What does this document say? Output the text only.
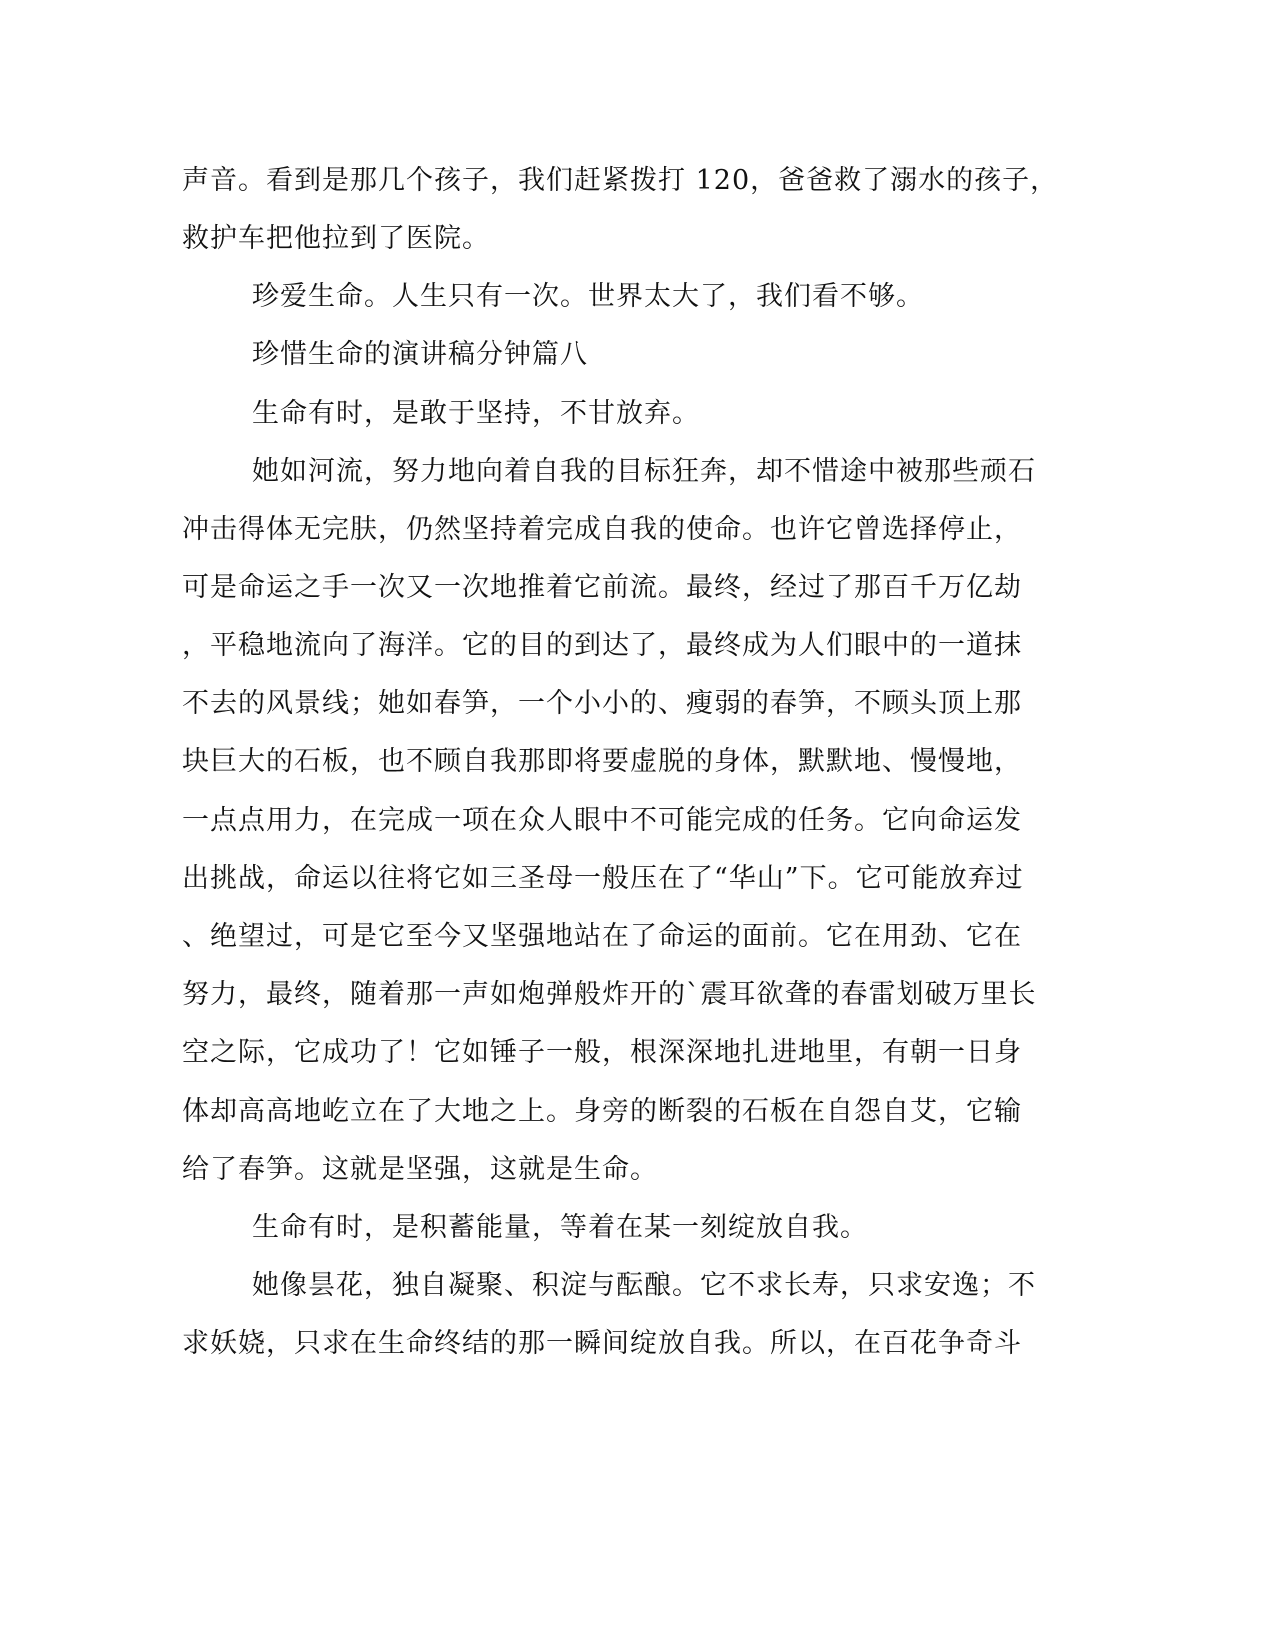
声音。看到是那几个孩子，我们赶紧拨打 120，爸爸救了溺水的孩子，
救护车把他拉到了医院。
珍爱生命。人生只有一次。世界太大了，我们看不够。
珍惜生命的演讲稿分钟篇八
生命有时，是敢于坚持，不甘放弃。
她如河流，努力地向着自我的目标狂奔，却不惜途中被那些顽石
冲击得体无完肤，仍然坚持着完成自我的使命。也许它曾选择停止，
可是命运之手一次又一次地推着它前流。最终，经过了那百千万亿劫
，平稳地流向了海洋。它的目的到达了，最终成为人们眼中的一道抹
不去的风景线；她如春笋，一个小小的、瘦弱的春笋，不顾头顶上那
块巨大的石板，也不顾自我那即将要虚脱的身体，默默地、慢慢地，
一点点用力，在完成一项在众人眼中不可能完成的任务。它向命运发
出挑战，命运以往将它如三圣母一般压在了“华山”下。它可能放弃过
、绝望过，可是它至今又坚强地站在了命运的面前。它在用劲、它在
努力，最终，随着那一声如炮弹般炸开的`震耳欲聋的春雷划破万里长
空之际，它成功了！它如锤子一般，根深深地扎进地里，有朝一日身
体却高高地屹立在了大地之上。身旁的断裂的石板在自怨自艾，它输
给了春笋。这就是坚强，这就是生命。
生命有时，是积蓄能量，等着在某一刻绽放自我。
她像昙花，独自凝聚、积淀与酝酿。它不求长寿，只求安逸；不
求妖娆，只求在生命终结的那一瞬间绽放自我。所以，在百花争奇斗
